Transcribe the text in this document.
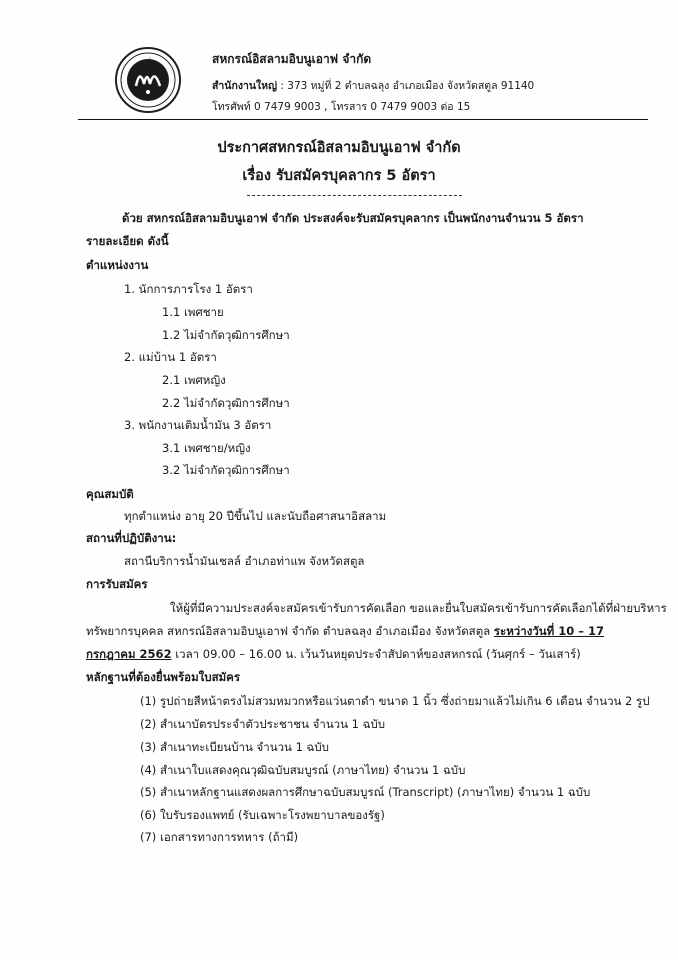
ﺍﺑﻦ	สหกรณ์อิสลามอิบนูเอาฟ จำกัด
สำนักงานใหญ่ : 373 หมู่ที่ 2 ตำบลฉลุง อำเภอเมือง จังหวัดสตูล 91140
โทรศัพท์ 0 7479 9003 , โทรสาร 0 7479 9003 ต่อ 15
ประกาศสหกรณ์อิสลามอิบนูเอาฟ จำกัด
เรื่อง รับสมัครบุคลากร 5 อัตรา
ด้วย สหกรณ์อิสลามอิบนูเอาฟ จำกัด ประสงค์จะรับสมัครบุคลากร เป็นพนักงานจำนวน 5 อัตรา
รายละเอียด ดังนี้
ตำแหน่งงาน
1. นักการภารโรง 1 อัตรา
1.1 เพศชาย
1.2 ไม่จำกัดวุฒิการศึกษา
2. แม่บ้าน 1 อัตรา
2.1 เพศหญิง
2.2 ไม่จำกัดวุฒิการศึกษา
3. พนักงานเติมน้ำมัน 3 อัตรา
3.1 เพศชาย/หญิง
3.2 ไม่จำกัดวุฒิการศึกษา
คุณสมบัติ
ทุกตำแหน่ง อายุ 20 ปีขึ้นไป และนับถือศาสนาอิสลาม
สถานที่ปฏิบัติงาน:
สถานีบริการน้ำมันเชลล์ อำเภอท่าแพ จังหวัดสตูล
การรับสมัคร
ให้ผู้ที่มีความประสงค์จะสมัครเข้ารับการคัดเลือก ขอและยื่นใบสมัครเข้ารับการคัดเลือกได้ที่ฝ่ายบริหาร
ทรัพยากรบุคคล สหกรณ์อิสลามอิบนูเอาฟ จำกัด ตำบลฉลุง อำเภอเมือง จังหวัดสตูล ระหว่างวันที่ 10 – 17
กรกฎาคม 2562 เวลา 09.00 – 16.00 น. เว้นวันหยุดประจำสัปดาห์ของสหกรณ์ (วันศุกร์ – วันเสาร์)
หลักฐานที่ต้องยื่นพร้อมใบสมัคร
(1) รูปถ่ายสีหน้าตรงไม่สวมหมวกหรือแว่นตาดำ ขนาด 1 นิ้ว ซึ่งถ่ายมาแล้วไม่เกิน 6 เดือน จำนวน 2 รูป
(2) สำเนาบัตรประจำตัวประชาชน จำนวน 1 ฉบับ
(3) สำเนาทะเบียนบ้าน จำนวน 1 ฉบับ
(4) สำเนาใบแสดงคุณวุฒิฉบับสมบูรณ์ (ภาษาไทย) จำนวน 1 ฉบับ
(5) สำเนาหลักฐานแสดงผลการศึกษาฉบับสมบูรณ์ (Transcript) (ภาษาไทย) จำนวน 1 ฉบับ
(6) ใบรับรองแพทย์ (รับเฉพาะโรงพยาบาลของรัฐ)
(7) เอกสารทางการทหาร (ถ้ามี)
